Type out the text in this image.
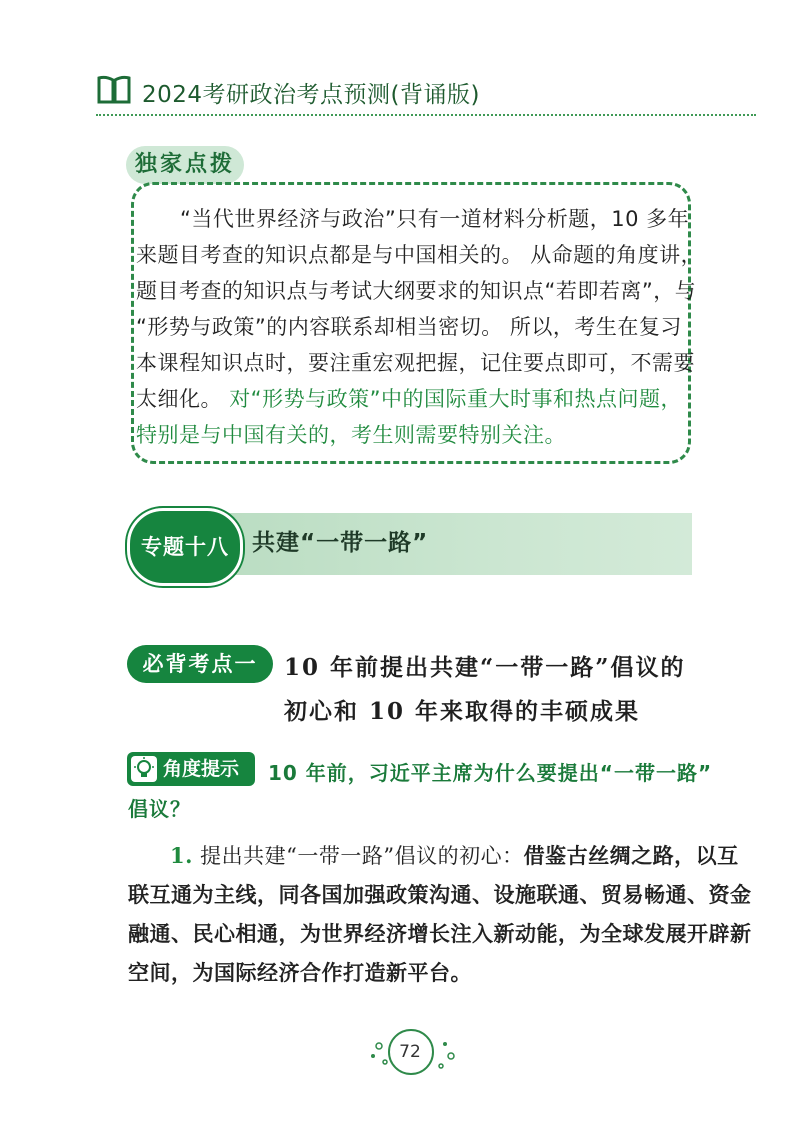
2024考研政治考点预测(背诵版)
独家点拨
“当代世界经济与政治”只有一道材料分析题，10 多年
来题目考查的知识点都是与中国相关的。 从命题的角度讲，
题目考查的知识点与考试大纲要求的知识点“若即若离”，与
“形势与政策”的内容联系却相当密切。 所以，考生在复习
本课程知识点时，要注重宏观把握，记住要点即可，不需要
太细化。 对“形势与政策”中的国际重大时事和热点问题，
特别是与中国有关的，考生则需要特别关注。
专题十八	共建“一带一路”
必背考点一	10 年前提出共建“一带一路”倡议的
初心和 10 年来取得的丰硕成果
角度提示	10 年前，习近平主席为什么要提出“一带一路”
倡议？
1. 提出共建“一带一路”倡议的初心：借鉴古丝绸之路，以互
联互通为主线，同各国加强政策沟通、设施联通、贸易畅通、资金
融通、民心相通，为世界经济增长注入新动能，为全球发展开辟新
空间，为国际经济合作打造新平台。
72
